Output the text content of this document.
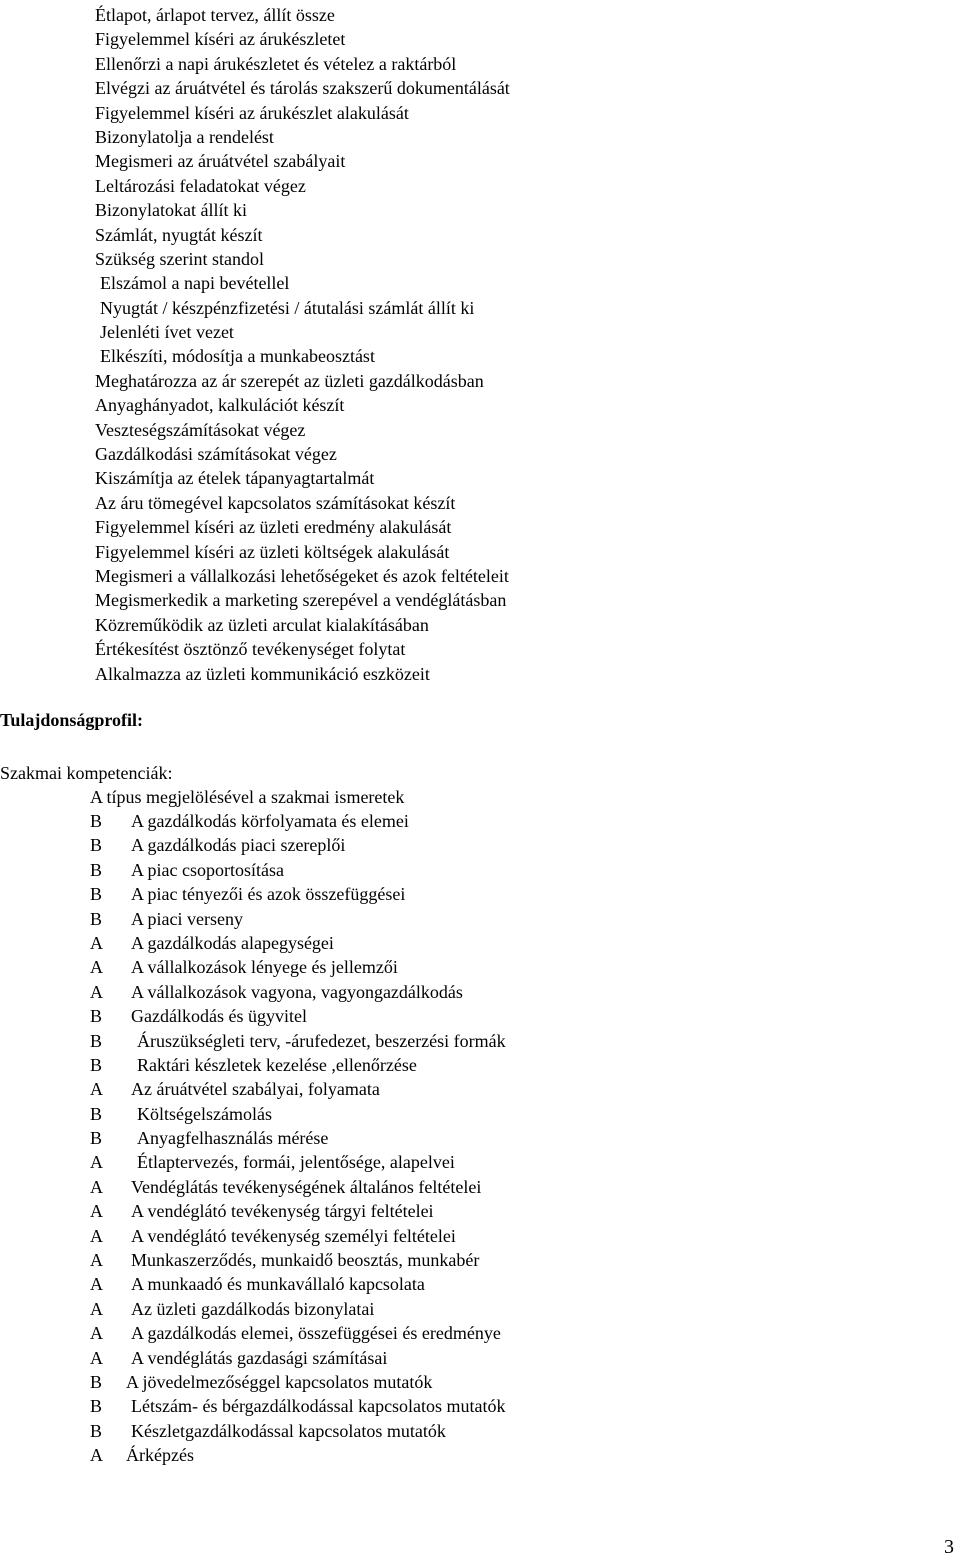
Étlapot, árlapot tervez, állít össze
Figyelemmel kíséri az árukészletet
Ellenőrzi a napi árukészletet és vételez a raktárból
Elvégzi az áruátvétel és tárolás szakszerű dokumentálását
Figyelemmel kíséri az árukészlet alakulását
Bizonylatolja a rendelést
Megismeri az áruátvétel szabályait
Leltározási feladatokat végez
Bizonylatokat állít ki
Számlát, nyugtát készít
Szükség szerint standol
Elszámol a napi bevétellel
Nyugtát / készpénzfizetési / átutalási számlát állít ki
Jelenléti ívet vezet
Elkészíti, módosítja a munkabeosztást
Meghatározza az ár szerepét az üzleti gazdálkodásban
Anyaghányadot, kalkulációt készít
Veszteségszámításokat végez
Gazdálkodási számításokat végez
Kiszámítja az ételek tápanyagtartalmát
Az áru tömegével kapcsolatos számításokat készít
Figyelemmel kíséri az üzleti eredmény alakulását
Figyelemmel kíséri az üzleti költségek alakulását
Megismeri a vállalkozási lehetőségeket és azok feltételeit
Megismerkedik a marketing szerepével a vendéglátásban
Közreműködik az üzleti arculat kialakításában
Értékesítést ösztönző tevékenységet folytat
Alkalmazza az üzleti kommunikáció eszközeit
Tulajdonságprofil:
Szakmai kompetenciák:
A típus megjelölésével a szakmai ismeretek
B A gazdálkodás körfolyamata és elemei
B A gazdálkodás piaci szereplői
B A piac csoportosítása
B A piac tényezői és azok összefüggései
B A piaci verseny
A A gazdálkodás alapegységei
A A vállalkozások lényege és jellemzői
A A vállalkozások vagyona, vagyongazdálkodás
B Gazdálkodás és ügyvitel
B Áruszükségleti terv, -árufedezet, beszerzési formák
B Raktári készletek kezelése ,ellenőrzése
A Az áruátvétel szabályai, folyamata
B Költségelszámolás
B Anyagfelhasználás mérése
A Étlaptervezés, formái, jelentősége, alapelvei
A Vendéglátás tevékenységének általános feltételei
A A vendéglátó tevékenység tárgyi feltételei
A A vendéglátó tevékenység személyi feltételei
A Munkaszerződés, munkaidő beosztás, munkabér
A A munkaadó és munkavállaló kapcsolata
A Az üzleti gazdálkodás bizonylatai
A A gazdálkodás elemei, összefüggései és eredménye
A A vendéglátás gazdasági számításai
B A jövedelmezőséggel kapcsolatos mutatók
B Létszám- és bérgazdálkodással kapcsolatos mutatók
B Készletgazdálkodással kapcsolatos mutatók
A Árképzés
3
